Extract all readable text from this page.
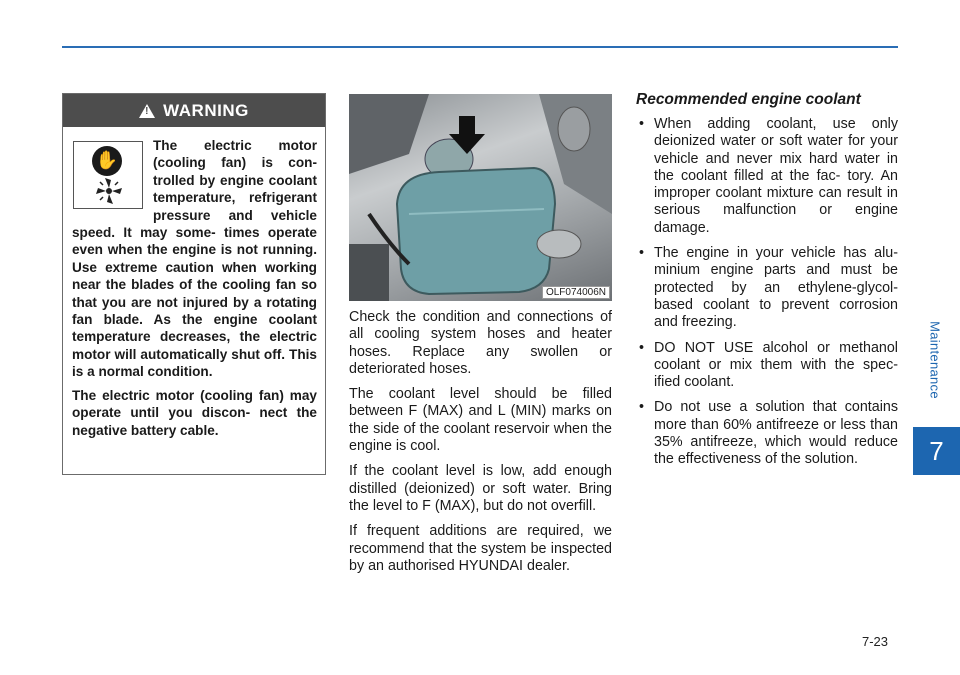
Maintenance
7
!
WARNING
✋

The electric motor (cooling fan) is con- trolled by engine coolant temperature, refrigerant pressure and vehicle speed. It may some- times operate even when the engine is not running. Use extreme caution when working near the blades of the cooling fan so that you are not injured by a rotating fan blade. As the engine coolant temperature decreases, the electric motor will automatically shut off. This is a normal condition.

The electric motor (cooling fan) may operate until you discon- nect the negative battery cable.

OLF074006N

Check the condition and connections of all cooling system hoses and heater hoses. Replace any swollen or deteriorated hoses.

The coolant level should be filled between F (MAX) and L (MIN) marks on the side of the coolant reservoir when the engine is cool.

If the coolant level is low, add enough distilled (deionized) or soft water. Bring the level to F (MAX), but do not overfill.

If frequent additions are required, we recommend that the system be inspected by an authorised HYUNDAI dealer.

Recommended engine coolant
• When adding coolant, use only deionized water or soft water for your vehicle and never mix hard water in the coolant filled at the fac- tory. An improper coolant mixture can result in serious malfunction or engine damage.
• The engine in your vehicle has alu- minium engine parts and must be protected by an ethylene-glycol- based coolant to prevent corrosion and freezing.
• DO NOT USE alcohol or methanol coolant or mix them with the spec- ified coolant.
• Do not use a solution that contains more than 60% antifreeze or less than 35% antifreeze, which would reduce the effectiveness of the solution.
7-23
